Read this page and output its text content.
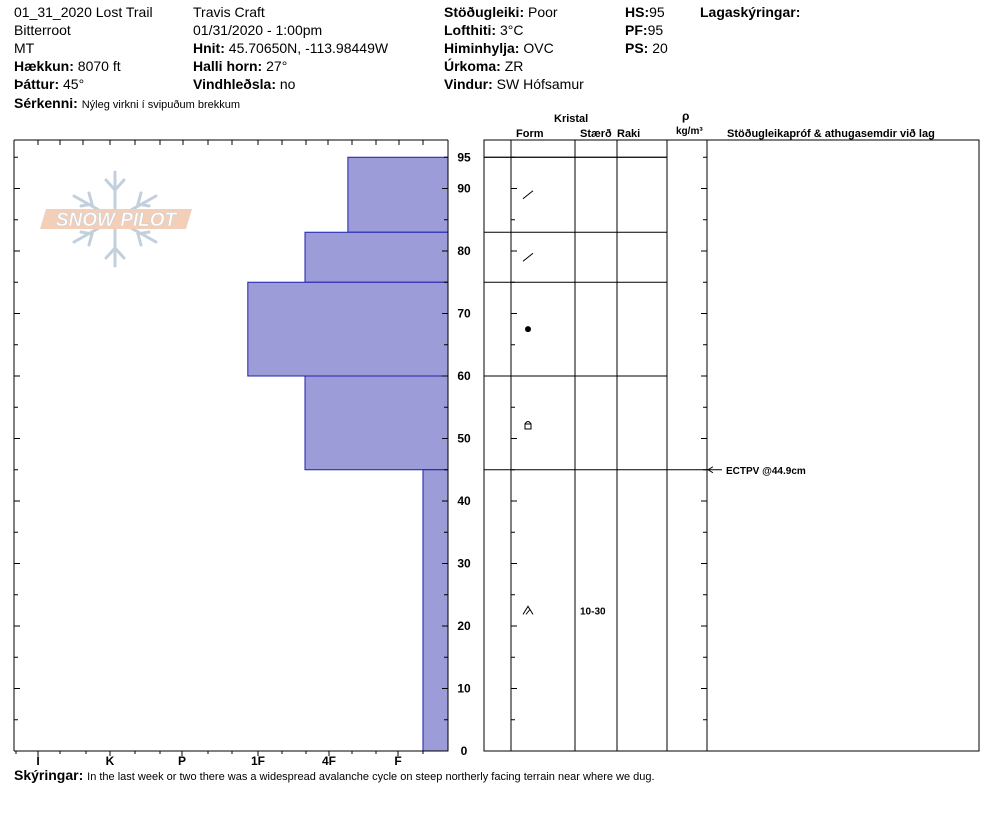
01_31_2020 Lost Trail
Bitterroot
MT
Hækkun: 8070 ft
Þáttur: 45°
Sérkenni: Nýleg virkni í svipuðum brekkum
Travis Craft
01/31/2020 - 1:00pm
Hnit: 45.70650N, -113.98449W
Halli horn: 27°
Vindhleðsla: no
Stöðugleiki: Poor
Lofthiti: 3°C
Himinhylja: OVC
Úrkoma: ZR
Vindur: SW Hófsamur
HS:95
PF:95
PS: 20
Lagaskýringar:
Kristal
Form	Stærð Raki
ρ
kg/m³ Stöðugleikapróf & athugasemdir við lag
SNOW PILOT
0
10
20
30
40
50
60
70
80
90
95
I	K	P	1F	4F	F
10-30
ECTPV @44.9cm
Skýringar: In the last week or two there was a widespread avalanche cycle on steep northerly facing terrain near where we dug.
